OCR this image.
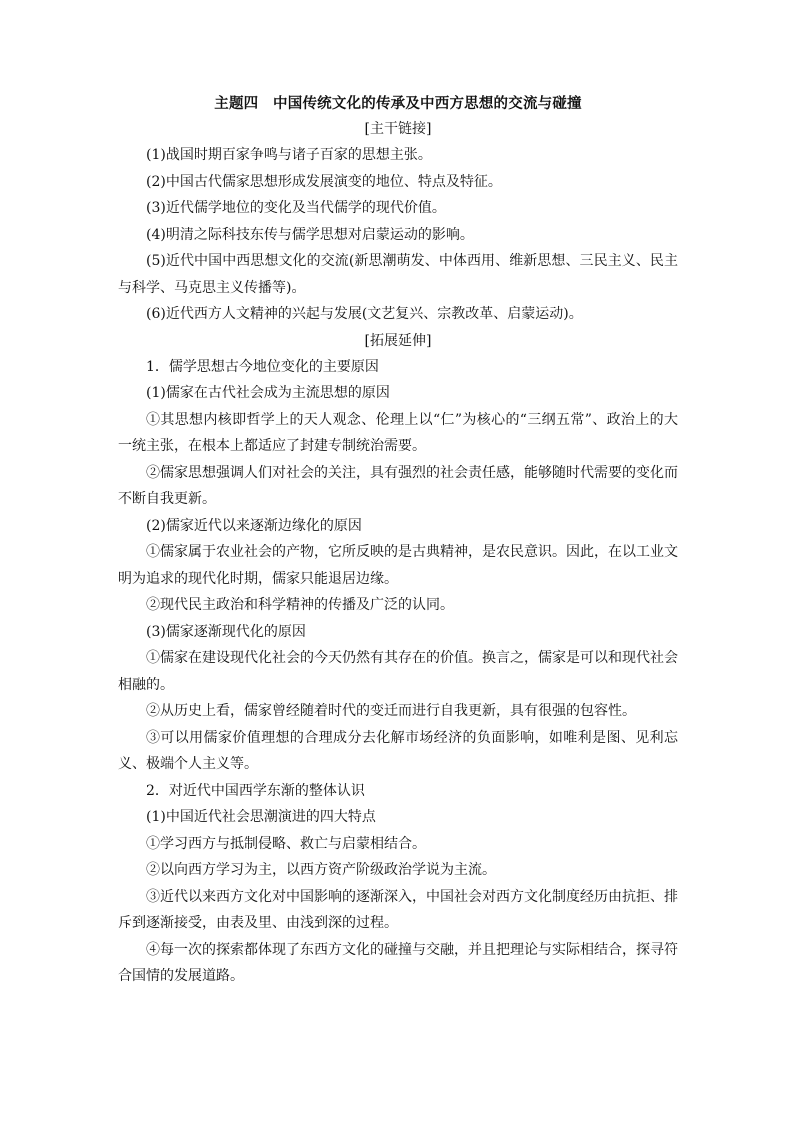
主题四　中国传统文化的传承及中西方思想的交流与碰撞
[主干链接]
(1)战国时期百家争鸣与诸子百家的思想主张。
(2)中国古代儒家思想形成发展演变的地位、特点及特征。
(3)近代儒学地位的变化及当代儒学的现代价值。
(4)明清之际科技东传与儒学思想对启蒙运动的影响。
(5)近代中国中西思想文化的交流(新思潮萌发、中体西用、维新思想、三民主义、民主与科学、马克思主义传播等)。
(6)近代西方人文精神的兴起与发展(文艺复兴、宗教改革、启蒙运动)。
[拓展延伸]
1．儒学思想古今地位变化的主要原因
(1)儒家在古代社会成为主流思想的原因
①其思想内核即哲学上的天人观念、伦理上以“仁”为核心的“三纲五常”、政治上的大一统主张，在根本上都适应了封建专制统治需要。
②儒家思想强调人们对社会的关注，具有强烈的社会责任感，能够随时代需要的变化而不断自我更新。
(2)儒家近代以来逐渐边缘化的原因
①儒家属于农业社会的产物，它所反映的是古典精神，是农民意识。因此，在以工业文明为追求的现代化时期，儒家只能退居边缘。
②现代民主政治和科学精神的传播及广泛的认同。
(3)儒家逐渐现代化的原因
①儒家在建设现代化社会的今天仍然有其存在的价值。换言之，儒家是可以和现代社会相融的。
②从历史上看，儒家曾经随着时代的变迁而进行自我更新，具有很强的包容性。
③可以用儒家价值理想的合理成分去化解市场经济的负面影响，如唯利是图、见利忘义、极端个人主义等。
2．对近代中国西学东渐的整体认识
(1)中国近代社会思潮演进的四大特点
①学习西方与抵制侵略、救亡与启蒙相结合。
②以向西方学习为主，以西方资产阶级政治学说为主流。
③近代以来西方文化对中国影响的逐渐深入，中国社会对西方文化制度经历由抗拒、排斥到逐渐接受，由表及里、由浅到深的过程。
④每一次的探索都体现了东西方文化的碰撞与交融，并且把理论与实际相结合，探寻符合国情的发展道路。
